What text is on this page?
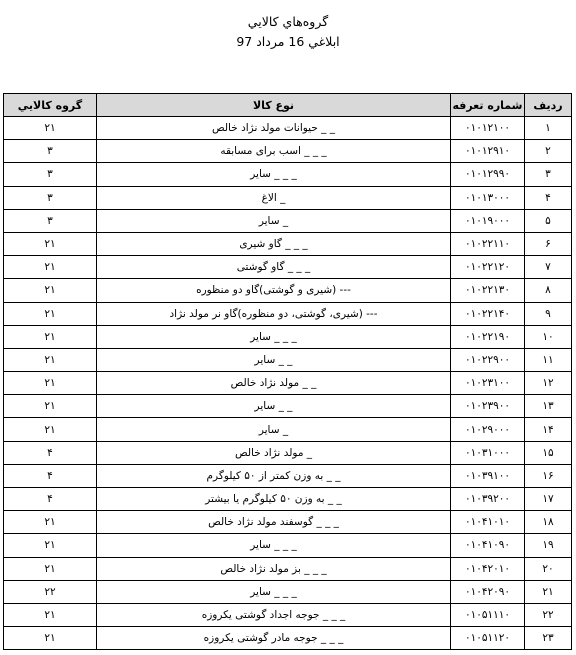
گروه‌هاي كالايي
ابلاغي 16 مرداد 97
رديف	شماره تعرفه	نوع كالا	گروه كالايي
۱	۰۱۰۱۲۱۰۰	_ _ حيوانات مولد نژاد خالص	۲۱
۲	۰۱۰۱۲۹۱۰	_ _ _ اسب براى مسابقه	۳
۳	۰۱۰۱۲۹۹۰	_ _ _ ساير	۳
۴	۰۱۰۱۳۰۰۰	_ الاغ	۳
۵	۰۱۰۱۹۰۰۰	_ ساير	۳
۶	۰۱۰۲۲۱۱۰	_ _ _ گاو شيرى	۲۱
۷	۰۱۰۲۲۱۲۰	_ _ _ گاو گوشتى	۲۱
۸	۰۱۰۲۲۱۳۰	--- (شيرى و گوشتى)گاو دو منظوره	۲۱
۹	۰۱۰۲۲۱۴۰	--- (شيرى، گوشتى، دو منظوره)گاو نر مولد نژاد	۲۱
۱۰	۰۱۰۲۲۱۹۰	_ _ _ ساير	۲۱
۱۱	۰۱۰۲۲۹۰۰	_ _ ساير	۲۱
۱۲	۰۱۰۲۳۱۰۰	_ _ مولد نژاد خالص	۲۱
۱۳	۰۱۰۲۳۹۰۰	_ _ ساير	۲۱
۱۴	۰۱۰۲۹۰۰۰	_ ساير	۲۱
۱۵	۰۱۰۳۱۰۰۰	_ مولد نژاد خالص	۴
۱۶	۰۱۰۳۹۱۰۰	_ _ به وزن كمتر از ۵۰ كيلوگرم	۴
۱۷	۰۱۰۳۹۲۰۰	_ _ به وزن ۵۰ كيلوگرم يا بيشتر	۴
۱۸	۰۱۰۴۱۰۱۰	_ _ _ گوسفند مولد نژاد خالص	۲۱
۱۹	۰۱۰۴۱۰۹۰	_ _ _ ساير	۲۱
۲۰	۰۱۰۴۲۰۱۰	_ _ _ بز مولد نژاد خالص	۲۱
۲۱	۰۱۰۴۲۰۹۰	_ _ _ ساير	۲۲
۲۲	۰۱۰۵۱۱۱۰	_ _ _ جوجه اجداد گوشتى يكروزه	۲۱
۲۳	۰۱۰۵۱۱۲۰	_ _ _ جوجه مادر گوشتى يكروزه	۲۱
